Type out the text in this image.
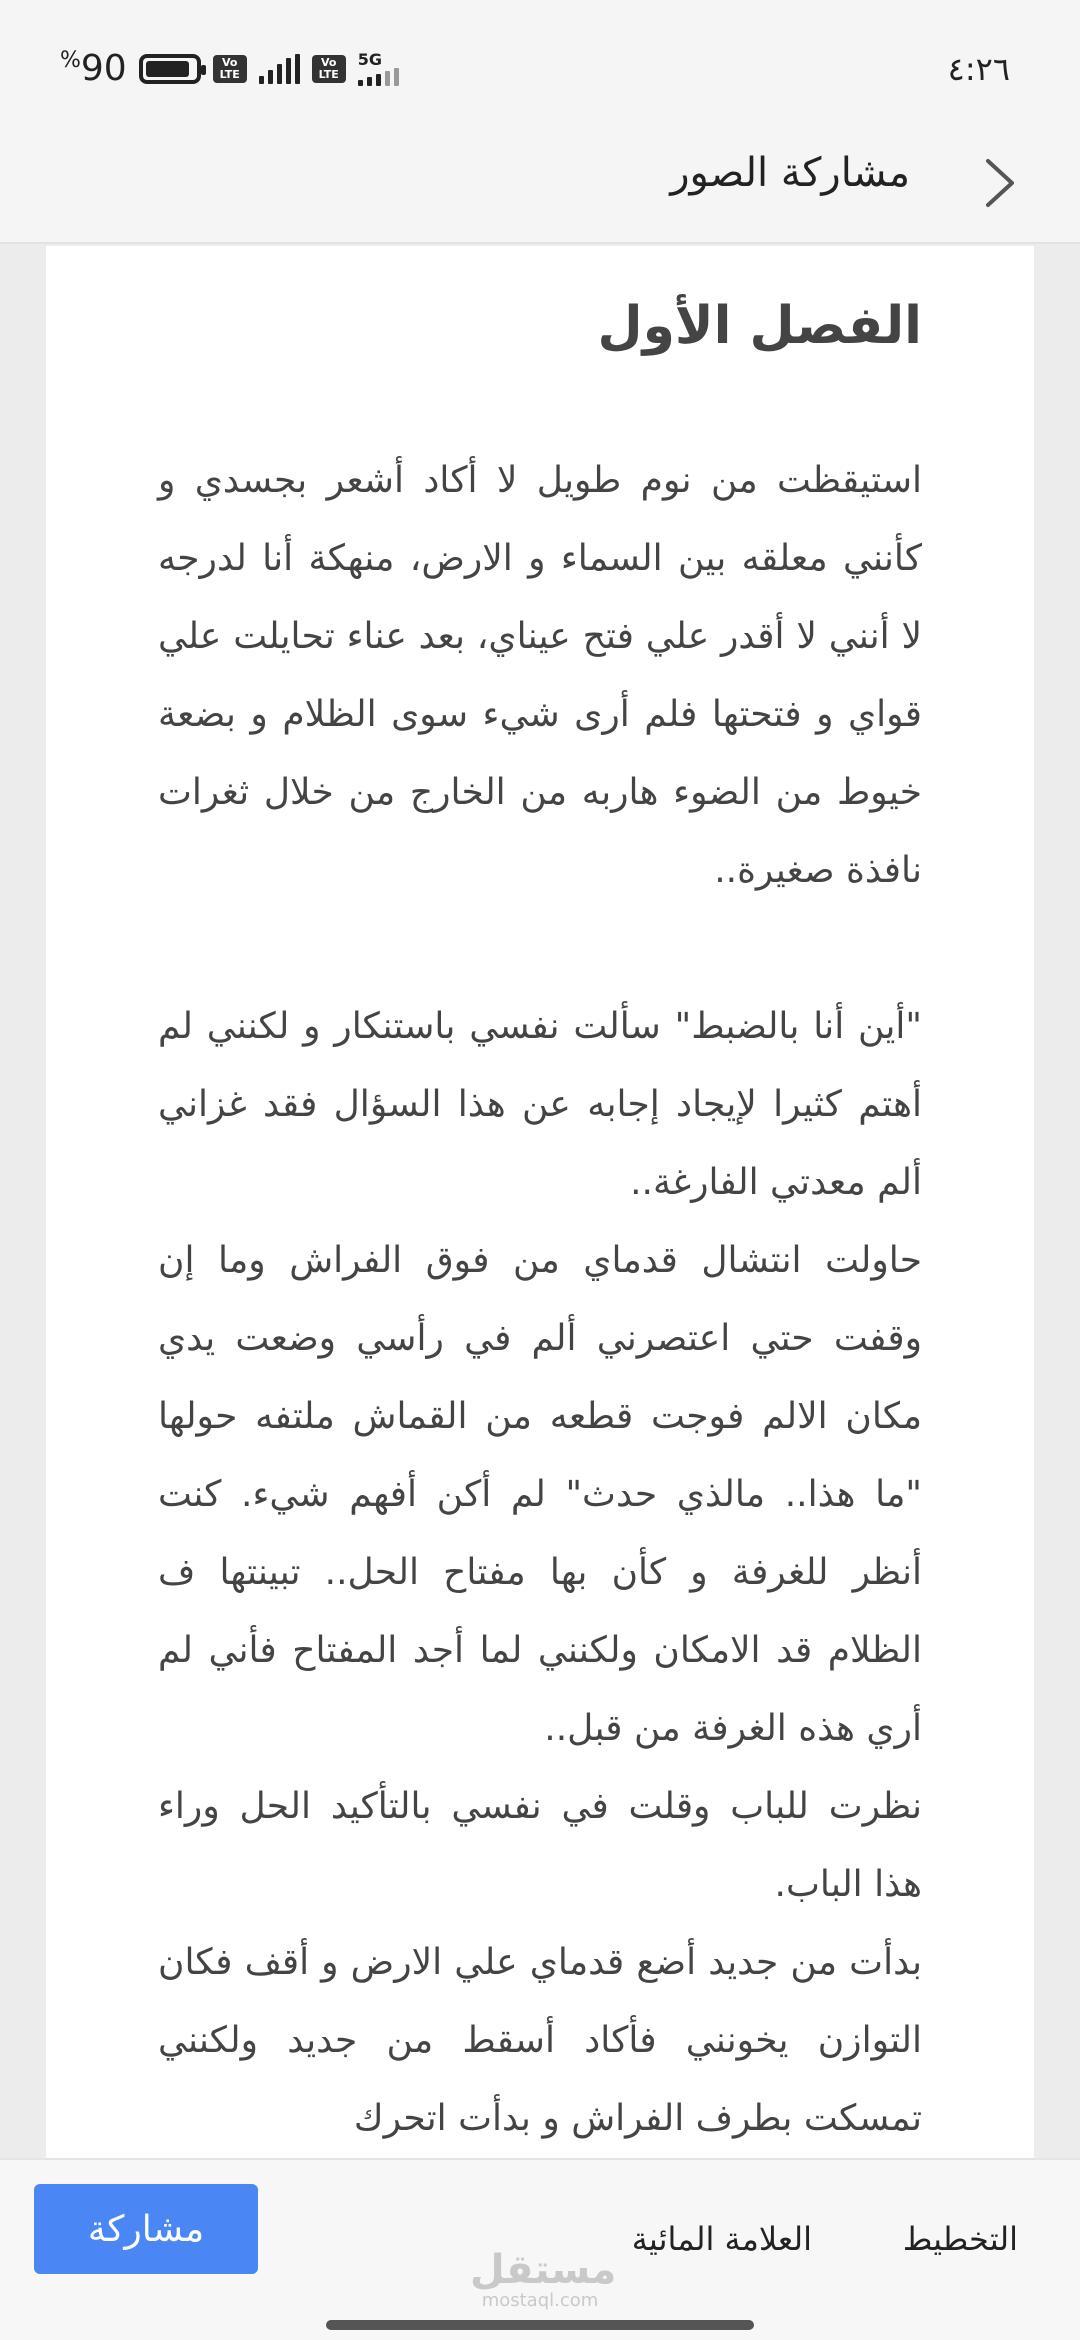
%90	Vo
LTE
Vo
LTE
5G	٤:٢٦
مشاركة الصور
الفصل الأول

استيقظت من نوم طويل لا أكاد أشعر بجسدي و كأنني معلقه بين السماء و الارض، منهكة أنا لدرجه لا أنني لا أقدر علي فتح عيناي، بعد عناء تحايلت علي قواي و فتحتها فلم أرى شيء سوى الظلام و بضعة خيوط من الضوء هاربه من الخارج من خلال ثغرات نافذة صغيرة..

"أين أنا بالضبط" سألت نفسي باستنكار و لكنني لم أهتم كثيرا لإيجاد إجابه عن هذا السؤال فقد غزاني ألم معدتي الفارغة..

حاولت انتشال قدماي من فوق الفراش وما إن وقفت حتي اعتصرني ألم في رأسي وضعت يدي مكان الالم فوجت قطعه من القماش ملتفه حولها "ما هذا.. مالذي حدث" لم أكن أفهم شيء. كنت أنظر للغرفة و كأن بها مفتاح الحل.. تبينتها ف الظلام قد الامكان ولكنني لما أجد المفتاح فأني لم أري هذه الغرفة من قبل..

نظرت للباب وقلت في نفسي بالتأكيد الحل وراء هذا الباب.

بدأت من جديد أضع قدماي علي الارض و أقف فكان التوازن يخونني فأكاد أسقط من جديد ولكنني تمسكت بطرف الفراش و بدأت اتحرك

التخطيط
العلامة المائية
مشاركة
مستقل
mostaql.com
